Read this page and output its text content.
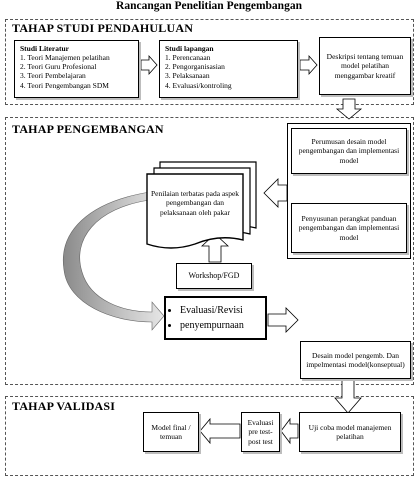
Rancangan Penelitian Pengembangan
TAHAP STUDI PENDAHULUAN
TAHAP PENGEMBANGAN
TAHAP VALIDASI
Studi Literatur
1. Teori Manajemen pelatihan
2. Teori Guru Profesional
3. Teori Pembelajaran
4. Teori Pengembangan SDM
Studi lapangan
1. Perencanaan
2. Pengorganisasian
3. Pelaksanaan
4. Evaluasi/kontroling
Deskripsi tentang temuan model pelatihan menggambar kreatif
Perumusan desain model pengembangan dan implementasi model
Penyusunan perangkat panduan pengembangan dan implementasi model
Penilaian terbatas pada aspek pengembangan dan pelaksanaan oleh pakar
Workshop/FGD
• Evaluasi/Revisi
• penyempurnaan
Desain model pengemb. Dan impelmentasi model(konseptual)
Uji coba model manajemen pelatihan
Evaluasi pre test-post test
Model final / temuan
